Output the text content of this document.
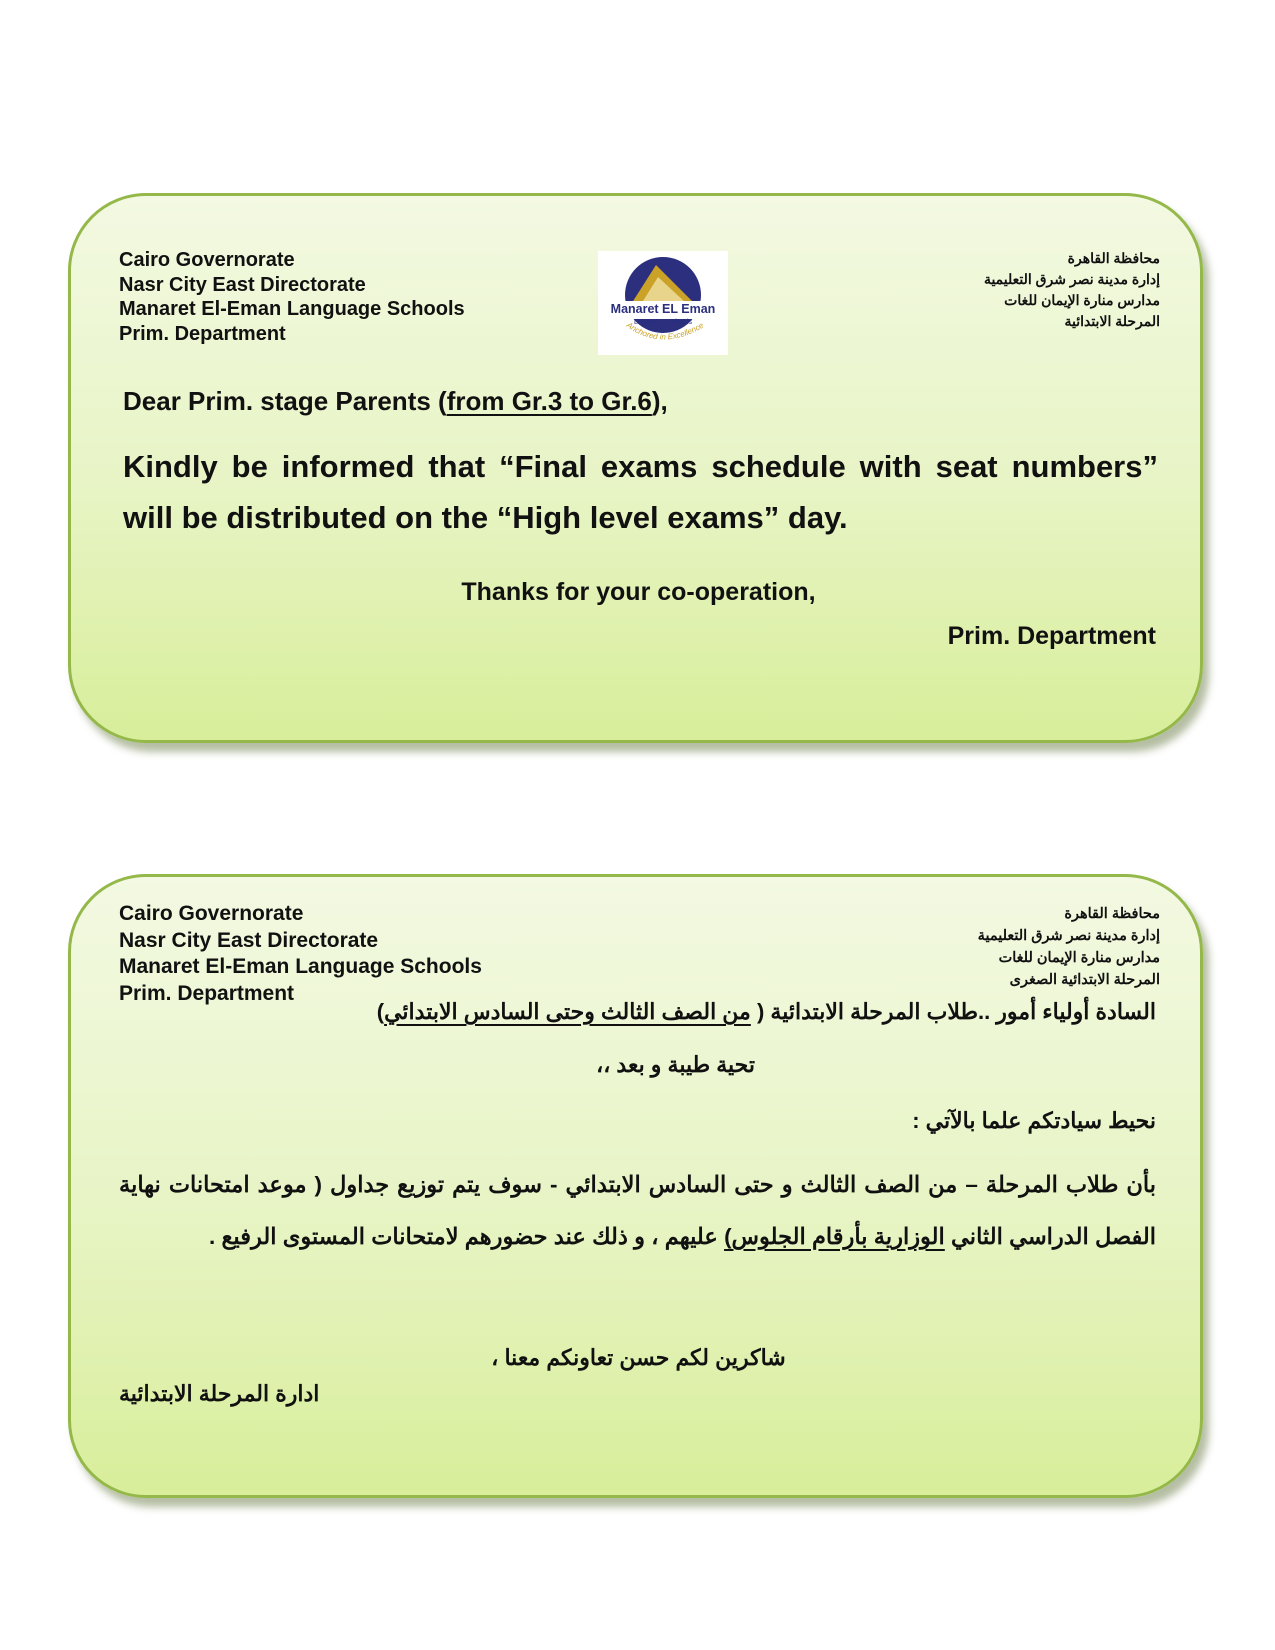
Cairo Governorate
Nasr City East Directorate
Manaret El-Eman Language Schools
Prim. Department
Manaret EL Eman
Language Schools
Anchored in Excellence
محافظة القاهرة
إدارة مدينة نصر شرق التعليمية
مدارس منارة الإيمان للغات
المرحلة الابتدائية
Dear Prim. stage Parents (from Gr.3 to Gr.6),
Kindly be informed that “Final exams schedule with seat numbers” will be distributed on the “High level exams” day.
Thanks for your co-operation,
Prim. Department
Cairo Governorate
Nasr City East Directorate
Manaret El-Eman Language Schools
Prim. Department
محافظة القاهرة
إدارة مدينة نصر شرق التعليمية
مدارس منارة الإيمان للغات
المرحلة الابتدائية الصغرى
السادة أولياء أمور ..طلاب المرحلة الابتدائية ( من الصف الثالث وحتى السادس الابتدائي)
تحية طيبة و بعد ،،
نحيط سيادتكم علما بالآتي :
بأن طلاب المرحلة – من الصف الثالث و حتى السادس الابتدائي - سوف يتم توزيع جداول ( موعد امتحانات نهاية الفصل الدراسي الثاني الوزارية بأرقام الجلوس) عليهم ، و ذلك عند حضورهم لامتحانات المستوى الرفيع .
شاكرين لكم حسن تعاونكم معنا ،
ادارة المرحلة الابتدائية
